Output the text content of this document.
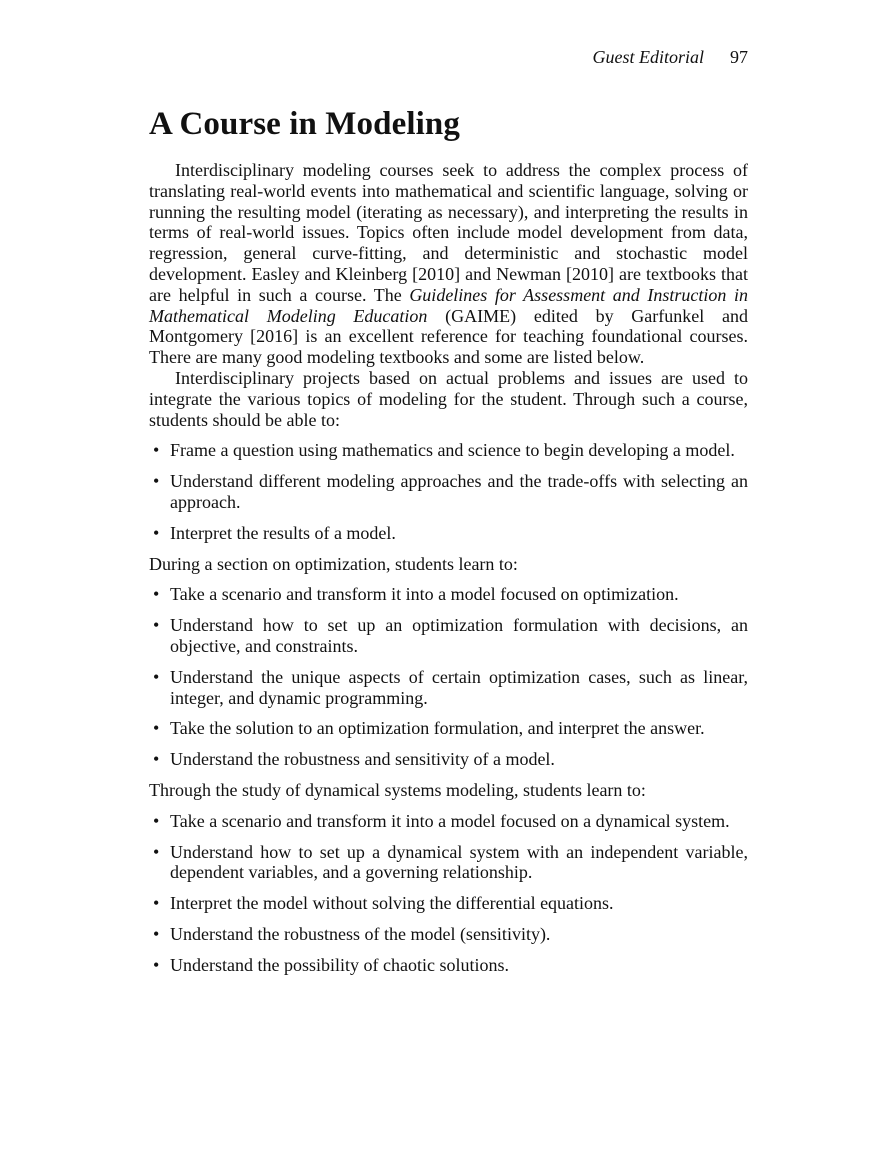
Guest Editorial 97
A Course in Modeling

Interdisciplinary modeling courses seek to address the complex process of translating real-world events into mathematical and scientific language, solving or running the resulting model (iterating as necessary), and interpreting the results in terms of real-world issues. Topics often include model development from data, regression, general curve-fitting, and deterministic and stochastic model development. Easley and Kleinberg [2010] and Newman [2010] are textbooks that are helpful in such a course. The Guidelines for Assessment and Instruction in Mathematical Modeling Education (GAIME) edited by Garfunkel and Montgomery [2016] is an excellent reference for teaching foundational courses. There are many good modeling textbooks and some are listed below.

Interdisciplinary projects based on actual problems and issues are used to integrate the various topics of modeling for the student. Through such a course, students should be able to:

• Frame a question using mathematics and science to begin developing a model.
• Understand different modeling approaches and the trade-offs with selecting an approach.
• Interpret the results of a model.

During a section on optimization, students learn to:

• Take a scenario and transform it into a model focused on optimization.
• Understand how to set up an optimization formulation with decisions, an objective, and constraints.
• Understand the unique aspects of certain optimization cases, such as linear, integer, and dynamic programming.
• Take the solution to an optimization formulation, and interpret the answer.
• Understand the robustness and sensitivity of a model.

Through the study of dynamical systems modeling, students learn to:

• Take a scenario and transform it into a model focused on a dynamical system.
• Understand how to set up a dynamical system with an independent variable, dependent variables, and a governing relationship.
• Interpret the model without solving the differential equations.
• Understand the robustness of the model (sensitivity).
• Understand the possibility of chaotic solutions.
